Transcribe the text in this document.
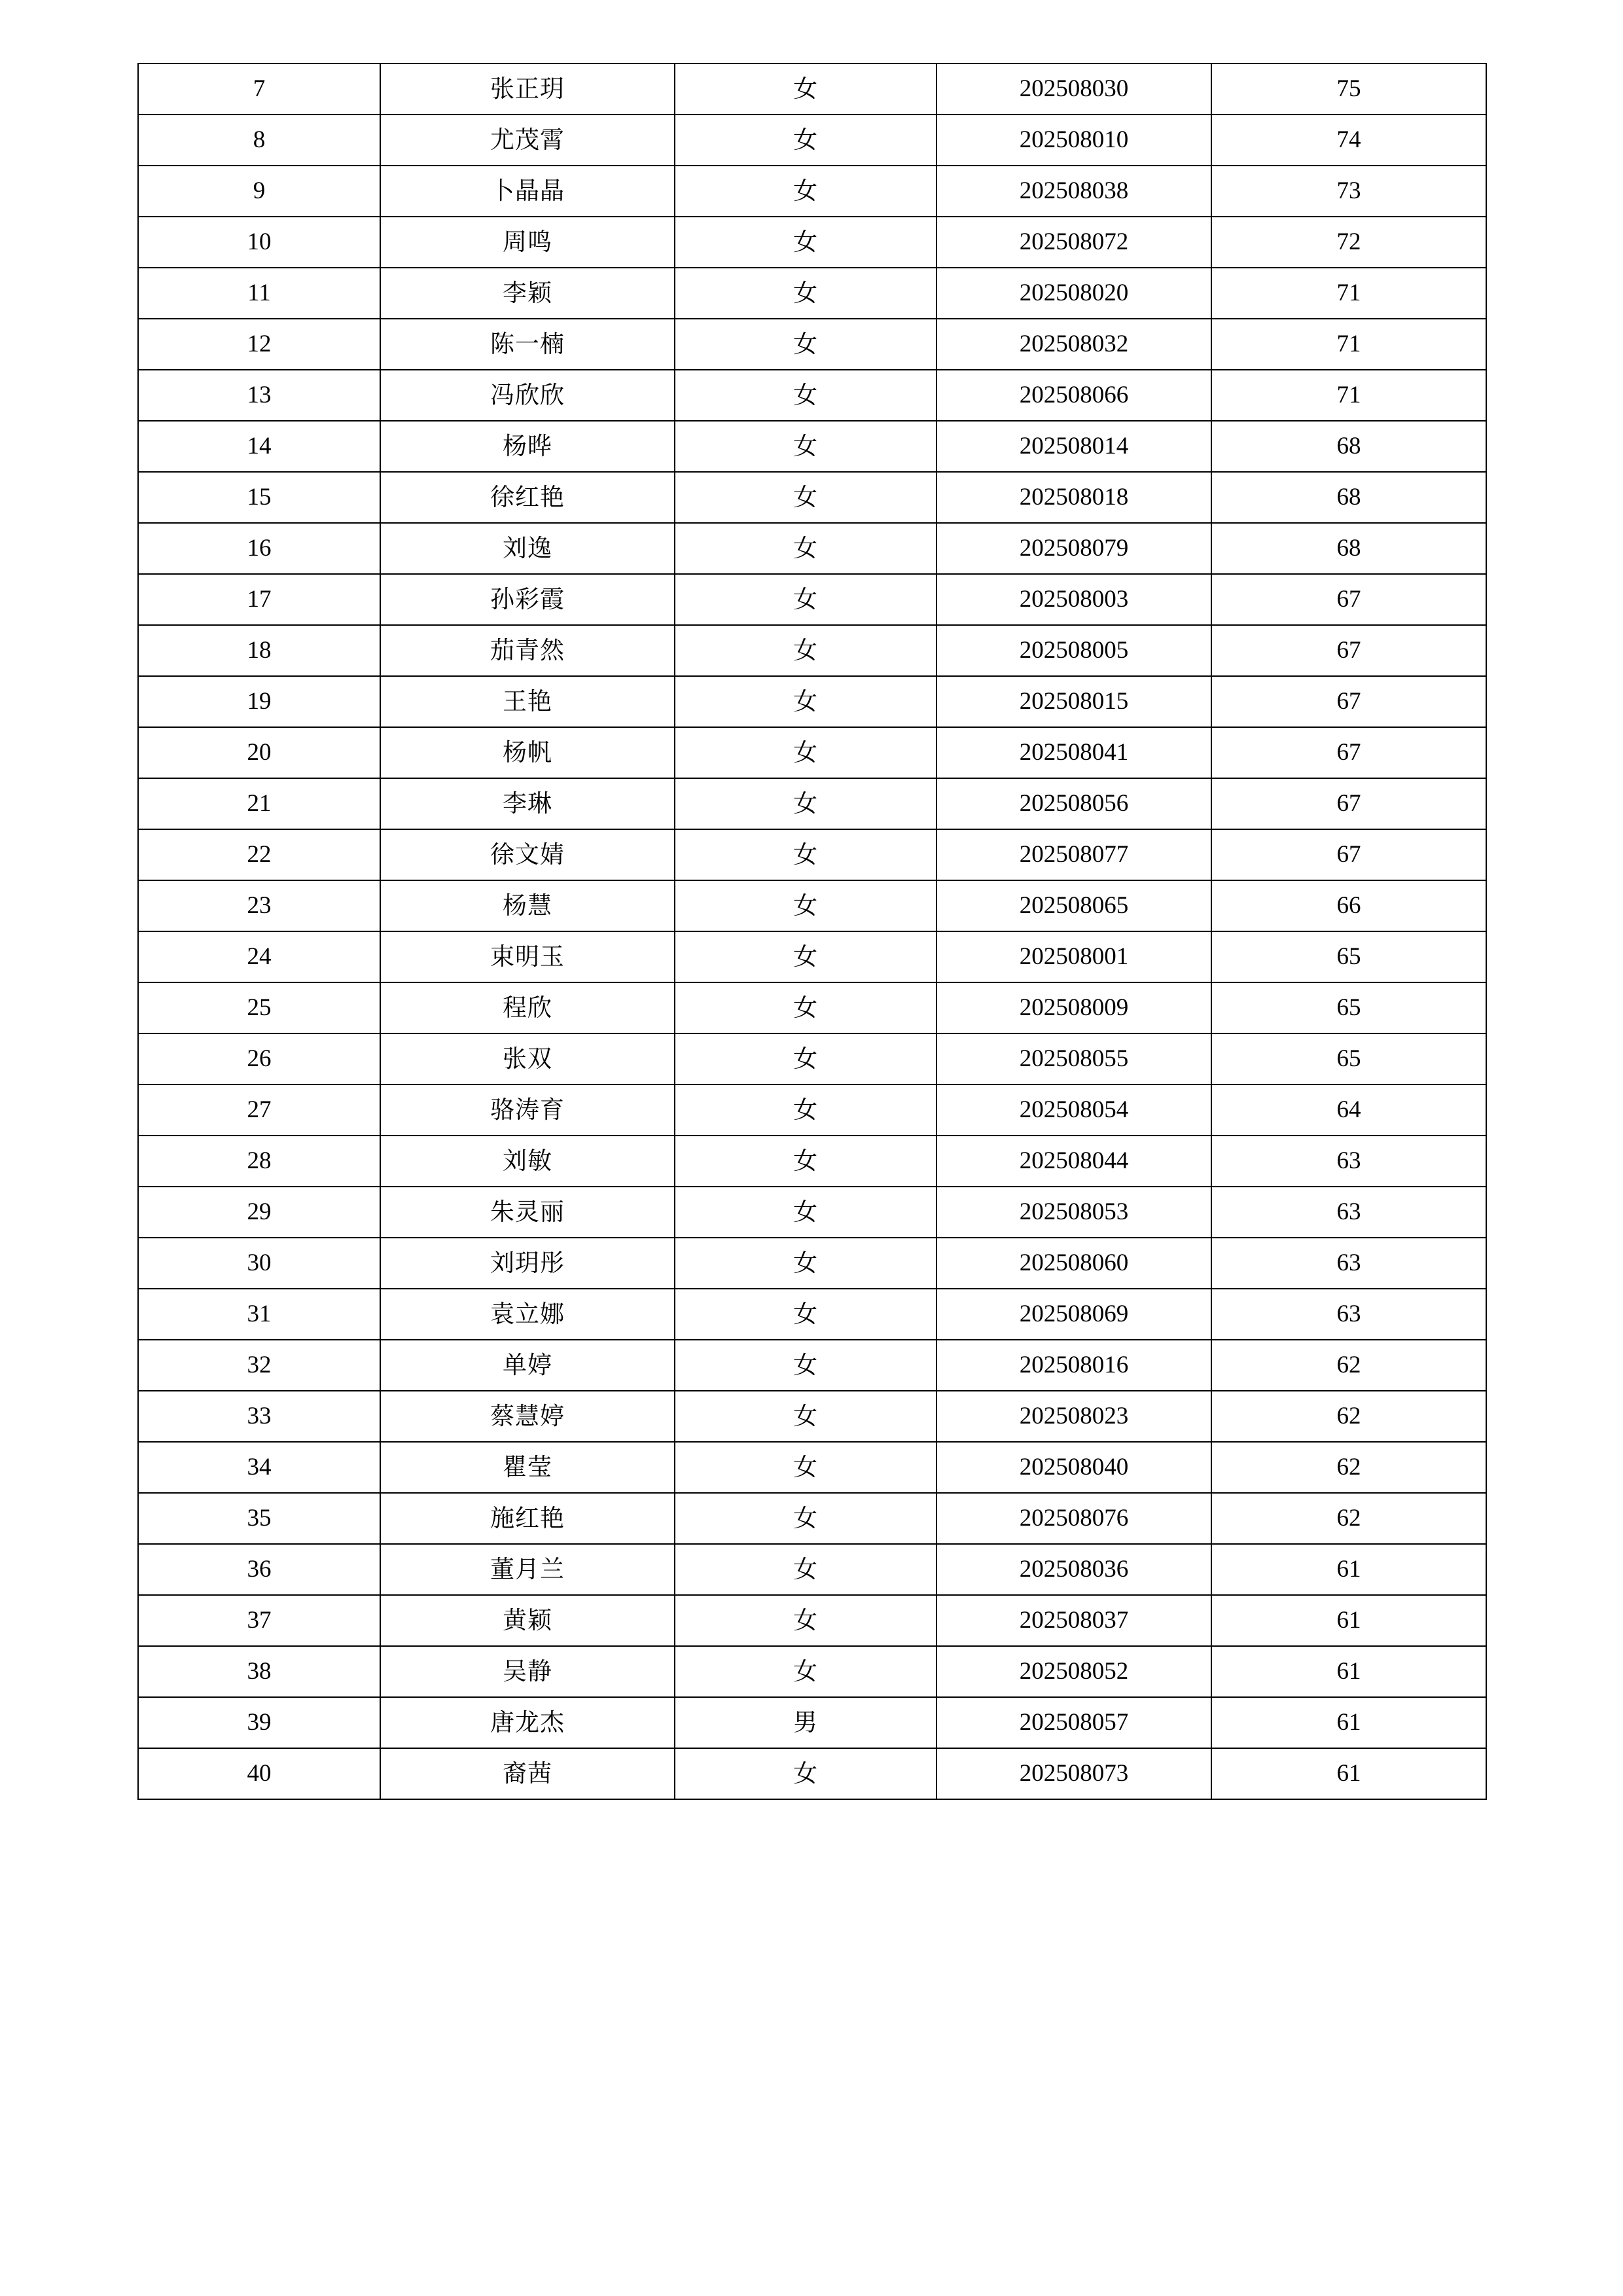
7	张正玥	女	202508030	75
8	尤茂霄	女	202508010	74
9	卜晶晶	女	202508038	73
10	周鸣	女	202508072	72
11	李颖	女	202508020	71
12	陈一楠	女	202508032	71
13	冯欣欣	女	202508066	71
14	杨晔	女	202508014	68
15	徐红艳	女	202508018	68
16	刘逸	女	202508079	68
17	孙彩霞	女	202508003	67
18	茄青然	女	202508005	67
19	王艳	女	202508015	67
20	杨帆	女	202508041	67
21	李琳	女	202508056	67
22	徐文婧	女	202508077	67
23	杨慧	女	202508065	66
24	束明玉	女	202508001	65
25	程欣	女	202508009	65
26	张双	女	202508055	65
27	骆涛育	女	202508054	64
28	刘敏	女	202508044	63
29	朱灵丽	女	202508053	63
30	刘玥彤	女	202508060	63
31	袁立娜	女	202508069	63
32	单婷	女	202508016	62
33	蔡慧婷	女	202508023	62
34	瞿莹	女	202508040	62
35	施红艳	女	202508076	62
36	董月兰	女	202508036	61
37	黄颖	女	202508037	61
38	吴静	女	202508052	61
39	唐龙杰	男	202508057	61
40	裔茜	女	202508073	61
